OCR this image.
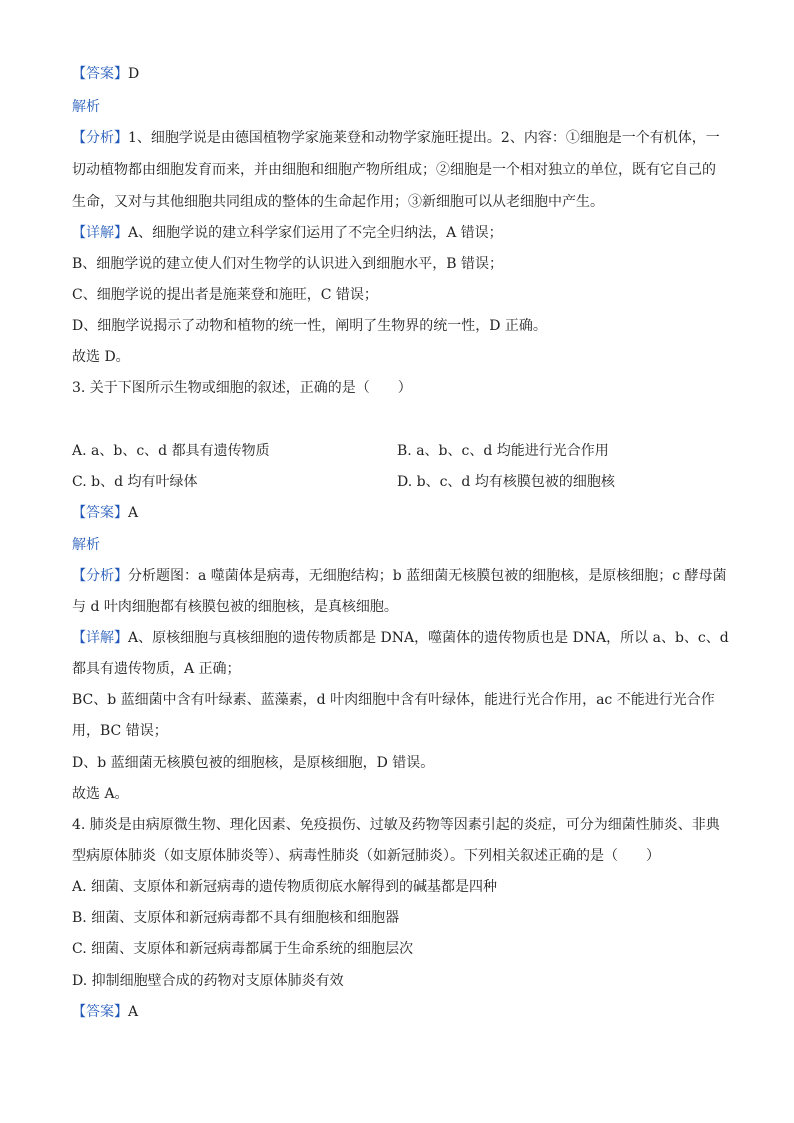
【答案】D
解析
【分析】1、细胞学说是由德国植物学家施莱登和动物学家施旺提出。2、内容：①细胞是一个有机体，一
切动植物都由细胞发育而来，并由细胞和细胞产物所组成；②细胞是一个相对独立的单位，既有它自己的
生命，又对与其他细胞共同组成的整体的生命起作用；③新细胞可以从老细胞中产生。
【详解】A、细胞学说的建立科学家们运用了不完全归纳法，A 错误；
B、细胞学说的建立使人们对生物学的认识进入到细胞水平，B 错误；
C、细胞学说的提出者是施莱登和施旺，C 错误；
D、细胞学说揭示了动物和植物的统一性，阐明了生物界的统一性，D 正确。
故选 D。
3. 关于下图所示生物或细胞的叙述，正确的是（　　）
A. a、b、c、d 都具有遗传物质	B. a、b、c、d 均能进行光合作用
C. b、d 均有叶绿体	D. b、c、d 均有核膜包被的细胞核
【答案】A
解析
【分析】分析题图：a 噬菌体是病毒，无细胞结构；b 蓝细菌无核膜包被的细胞核，是原核细胞；c 酵母菌
与 d 叶肉细胞都有核膜包被的细胞核，是真核细胞。
【详解】A、原核细胞与真核细胞的遗传物质都是 DNA，噬菌体的遗传物质也是 DNA，所以 a、b、c、d
都具有遗传物质，A 正确；
BC、b 蓝细菌中含有叶绿素、蓝藻素，d 叶肉细胞中含有叶绿体，能进行光合作用，ac 不能进行光合作
用，BC 错误；
D、b 蓝细菌无核膜包被的细胞核，是原核细胞，D 错误。
故选 A。
4. 肺炎是由病原微生物、理化因素、免疫损伤、过敏及药物等因素引起的炎症，可分为细菌性肺炎、非典
型病原体肺炎（如支原体肺炎等）、病毒性肺炎（如新冠肺炎）。下列相关叙述正确的是（　　）
A. 细菌、支原体和新冠病毒的遗传物质彻底水解得到的碱基都是四种
B. 细菌、支原体和新冠病毒都不具有细胞核和细胞器
C. 细菌、支原体和新冠病毒都属于生命系统的细胞层次
D. 抑制细胞壁合成的药物对支原体肺炎有效
【答案】A
